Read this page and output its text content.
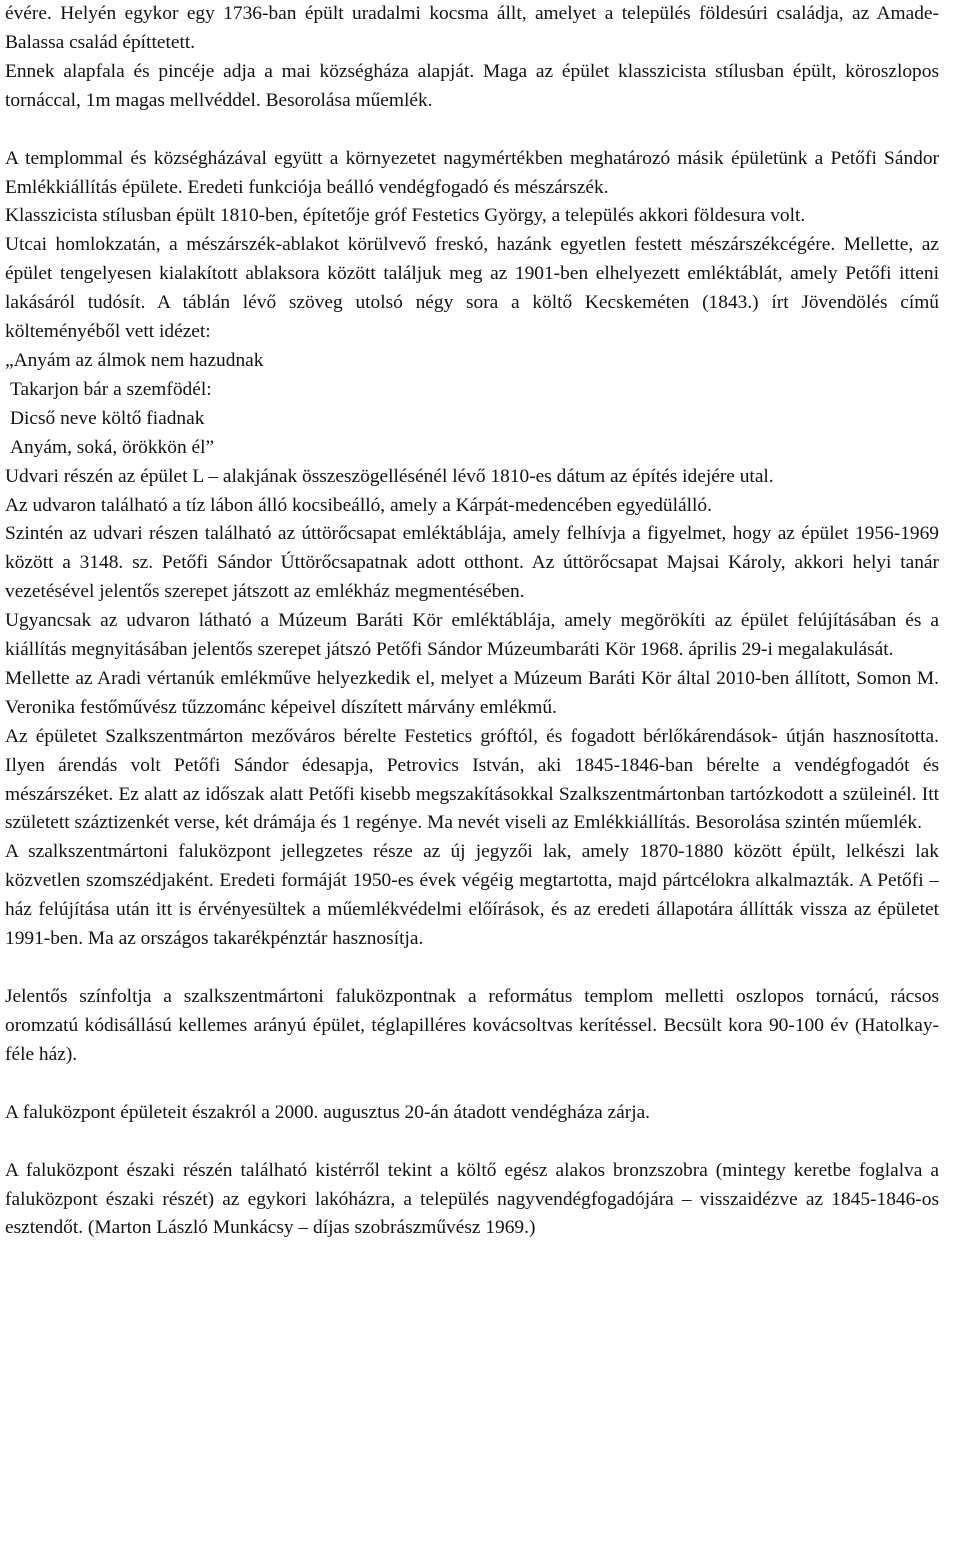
évére. Helyén egykor egy 1736-ban épült uradalmi kocsma állt, amelyet a település földesúri családja, az Amade-Balassa család építtetett.

Ennek alapfala és pincéje adja a mai községháza alapját. Maga az épület klasszicista stílusban épült, köroszlopos tornáccal, 1m magas mellvéddel. Besorolása műemlék.

A templommal és községházával együtt a környezetet nagymértékben meghatározó másik épületünk a Petőfi Sándor Emlékkiállítás épülete. Eredeti funkciója beálló vendégfogadó és mészárszék.

Klasszicista stílusban épült 1810-ben, építetője gróf Festetics György, a település akkori földesura volt.

Utcai homlokzatán, a mészárszék-ablakot körülvevő freskó, hazánk egyetlen festett mészárszékcégére. Mellette, az épület tengelyesen kialakított ablaksora között találjuk meg az 1901-ben elhelyezett emléktáblát, amely Petőfi itteni lakásáról tudósít. A táblán lévő szöveg utolsó négy sora a költő Kecskeméten (1843.) írt Jövendölés című költeményéből vett idézet:

„Anyám az álmok nem hazudnak
Takarjon bár a szemfödél:
Dicső neve költő fiadnak
Anyám, soká, örökkön él”

Udvari részén az épület L – alakjának összeszögellésénél lévő 1810-es dátum az építés idejére utal.

Az udvaron található a tíz lábon álló kocsibeálló, amely a Kárpát-medencében egyedülálló.

Szintén az udvari részen található az úttörőcsapat emléktáblája, amely felhívja a figyelmet, hogy az épület 1956-1969 között a 3148. sz. Petőfi Sándor Úttörőcsapatnak adott otthont. Az úttörőcsapat Majsai Károly, akkori helyi tanár vezetésével jelentős szerepet játszott az emlékház megmentésében.

Ugyancsak az udvaron látható a Múzeum Baráti Kör emléktáblája, amely megörökíti az épület felújításában és a kiállítás megnyitásában jelentős szerepet játszó Petőfi Sándor Múzeumbaráti Kör 1968. április 29-i megalakulását.

Mellette az Aradi vértanúk emlékműve helyezkedik el, melyet a Múzeum Baráti Kör által 2010-ben állított, Somon M. Veronika festőművész tűzzománc képeivel díszített márvány emlékmű.

Az épületet Szalkszentmárton mezőváros bérelte Festetics gróftól, és fogadott bérlőkárendások- útján hasznosította. Ilyen árendás volt Petőfi Sándor édesapja, Petrovics István, aki 1845-1846-ban bérelte a vendégfogadót és mészárszéket. Ez alatt az időszak alatt Petőfi kisebb megszakításokkal Szalkszentmártonban tartózkodott a szüleinél. Itt született száztizenkét verse, két drámája és 1 regénye. Ma nevét viseli az Emlékkiállítás. Besorolása szintén műemlék.

A szalkszentmártoni faluközpont jellegzetes része az új jegyzői lak, amely 1870-1880 között épült, lelkészi lak közvetlen szomszédjaként. Eredeti formáját 1950-es évek végéig megtartotta, majd pártcélokra alkalmazták. A Petőfi – ház felújítása után itt is érvényesültek a műemlékvédelmi előírások, és az eredeti állapotára állítták vissza az épületet 1991-ben. Ma az országos takarékpénztár hasznosítja.

Jelentős színfoltja a szalkszentmártoni faluközpontnak a református templom melletti oszlopos tornácú, rácsos oromzatú kódisállású kellemes arányú épület, téglapilléres kovácsoltvas kerítéssel. Becsült kora 90-100 év (Hatolkay-féle ház).

A faluközpont épületeit északról a 2000. augusztus 20-án átadott vendégháza zárja.

A faluközpont északi részén található kistérről tekint a költő egész alakos bronzszobra (mintegy keretbe foglalva a faluközpont északi részét) az egykori lakóházra, a település nagyvendégfogadójára – visszaidézve az 1845-1846-os esztendőt. (Marton László Munkácsy – díjas szobrászművész 1969.)
